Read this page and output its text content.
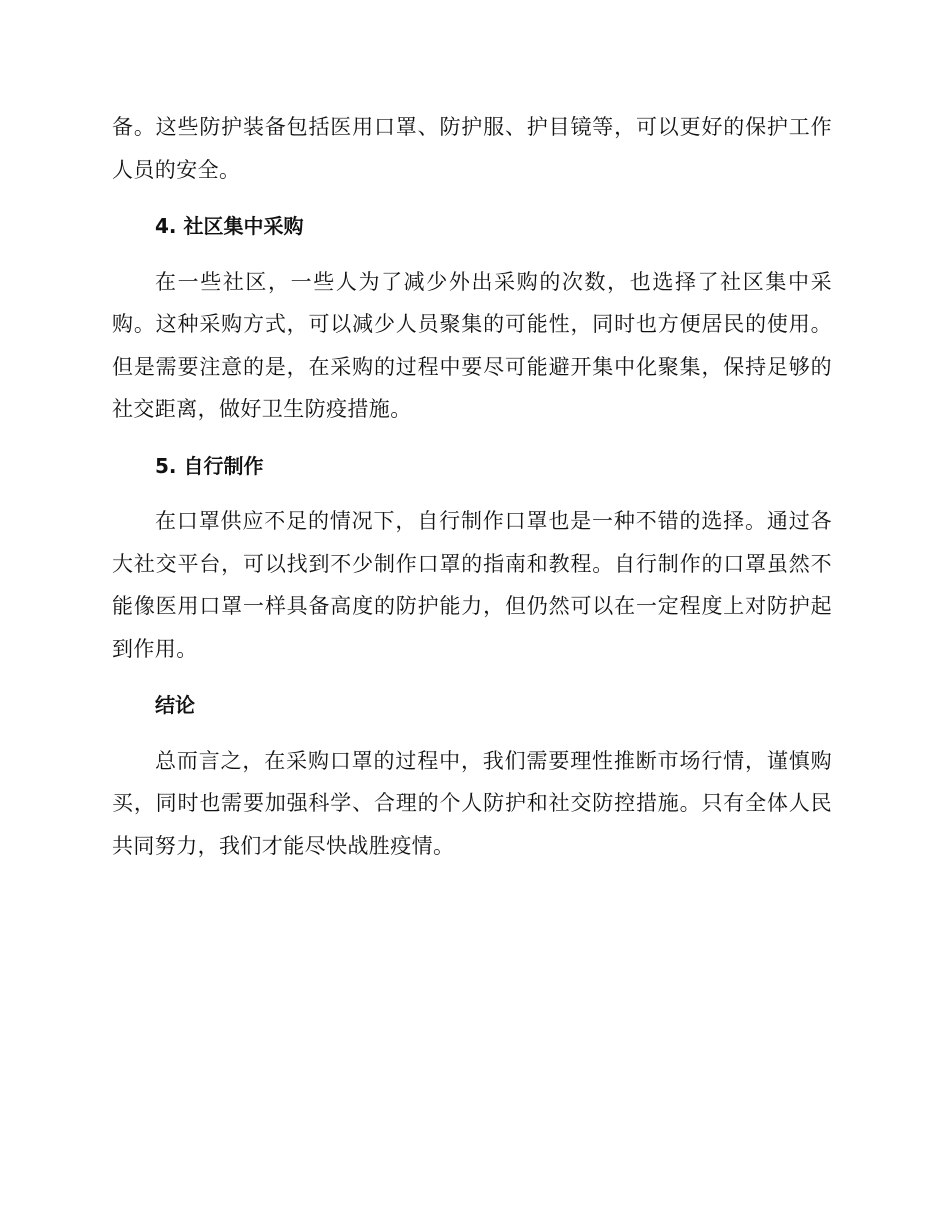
备。这些防护装备包括医用口罩、防护服、护目镜等，可以更好的保护工作人员的安全。

4. 社区集中采购

在一些社区，一些人为了减少外出采购的次数，也选择了社区集中采购。这种采购方式，可以减少人员聚集的可能性，同时也方便居民的使用。但是需要注意的是，在采购的过程中要尽可能避开集中化聚集，保持足够的社交距离，做好卫生防疫措施。

5. 自行制作

在口罩供应不足的情况下，自行制作口罩也是一种不错的选择。通过各大社交平台，可以找到不少制作口罩的指南和教程。自行制作的口罩虽然不能像医用口罩一样具备高度的防护能力，但仍然可以在一定程度上对防护起到作用。

结论

总而言之，在采购口罩的过程中，我们需要理性推断市场行情，谨慎购买，同时也需要加强科学、合理的个人防护和社交防控措施。只有全体人民共同努力，我们才能尽快战胜疫情。
